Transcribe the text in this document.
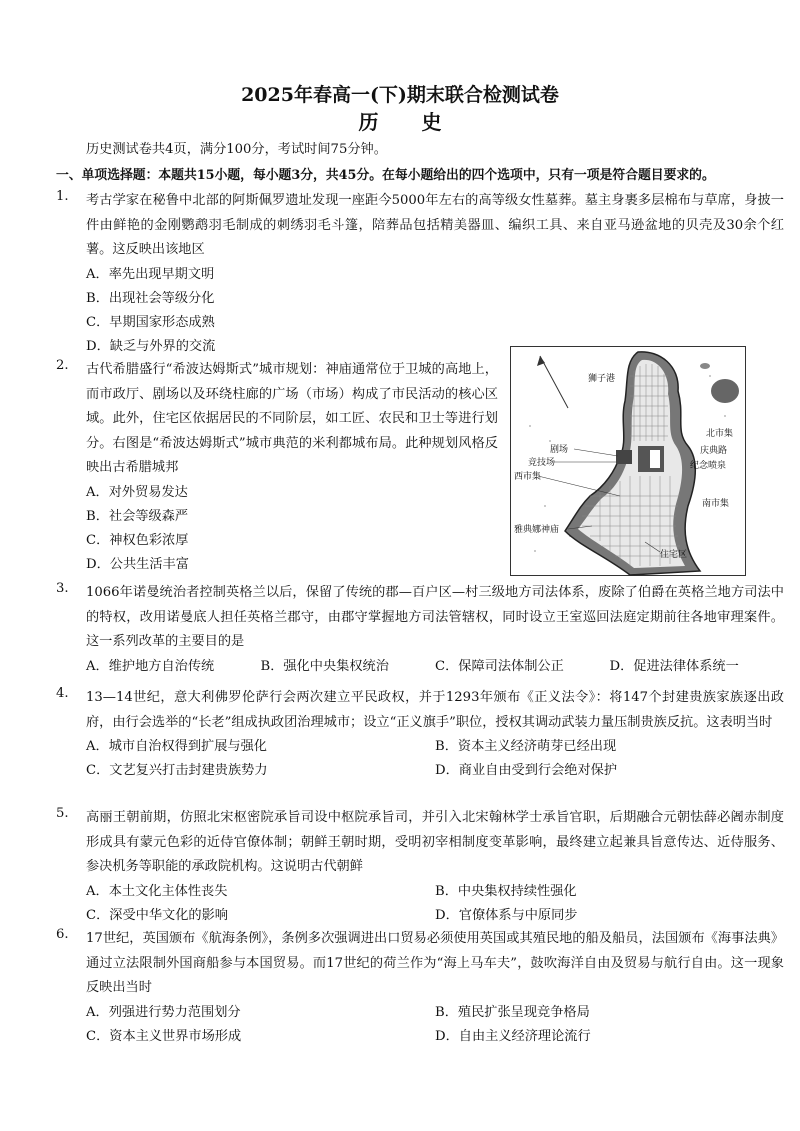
2025年春高一(下)期末联合检测试卷
历 史
历史测试卷共4页，满分100分，考试时间75分钟。
一、单项选择题：本题共15小题，每小题3分，共45分。在每小题给出的四个选项中，只有一项是符合题目要求的。
1.	考古学家在秘鲁中北部的阿斯佩罗遗址发现一座距今5000年左右的高等级女性墓葬。墓主身裹多层棉布与草席，身披一件由鲜艳的金刚鹦鹉羽毛制成的刺绣羽毛斗篷，陪葬品包括精美器皿、编织工具、来自亚马逊盆地的贝壳及30余个红薯。这反映出该地区
A．率先出现早期文明
B．出现社会等级分化
C．早期国家形态成熟
D．缺乏与外界的交流
2.	古代希腊盛行“希波达姆斯式”城市规划：神庙通常位于卫城的高地上，而市政厅、剧场以及环绕柱廊的广场（市场）构成了市民活动的核心区域。此外，住宅区依据居民的不同阶层，如工匠、农民和卫士等进行划分。右图是“希波达姆斯式”城市典范的米利都城布局。此种规划风格反映出古希腊城邦
A．对外贸易发达
B．社会等级森严
C．神权色彩浓厚
D．公共生活丰富
狮子港
北市集
庆典路
纪念喷泉
南市集
剧场
竞技场
西市集
雅典娜神庙
住宅区
3.	1066年诺曼统治者控制英格兰以后，保留了传统的郡—百户区—村三级地方司法体系，废除了伯爵在英格兰地方司法中的特权，改用诺曼底人担任英格兰郡守，由郡守掌握地方司法管辖权，同时设立王室巡回法庭定期前往各地审理案件。这一系列改革的主要目的是
A．维护地方自治传统	B．强化中央集权统治	C．保障司法体制公正	D．促进法律体系统一
4.	13—14世纪，意大利佛罗伦萨行会两次建立平民政权，并于1293年颁布《正义法令》：将147个封建贵族家族逐出政府，由行会选举的“长老”组成执政团治理城市；设立“正义旗手”职位，授权其调动武装力量压制贵族反抗。这表明当时
A．城市自治权得到扩展与强化	B．资本主义经济萌芽已经出现
C．文艺复兴打击封建贵族势力	D．商业自由受到行会绝对保护
5.	高丽王朝前期，仿照北宋枢密院承旨司设中枢院承旨司，并引入北宋翰林学士承旨官职，后期融合元朝怯薛必阇赤制度形成具有蒙元色彩的近侍官僚体制；朝鲜王朝时期，受明初宰相制度变革影响，最终建立起兼具旨意传达、近侍服务、参决机务等职能的承政院机构。这说明古代朝鲜
A．本土文化主体性丧失	B．中央集权持续性强化
C．深受中华文化的影响	D．官僚体系与中原同步
6.	17世纪，英国颁布《航海条例》，条例多次强调进出口贸易必须使用英国或其殖民地的船及船员，法国颁布《海事法典》通过立法限制外国商船参与本国贸易。而17世纪的荷兰作为“海上马车夫”，鼓吹海洋自由及贸易与航行自由。这一现象反映出当时
A．列强进行势力范围划分	B．殖民扩张呈现竞争格局
C．资本主义世界市场形成	D．自由主义经济理论流行
